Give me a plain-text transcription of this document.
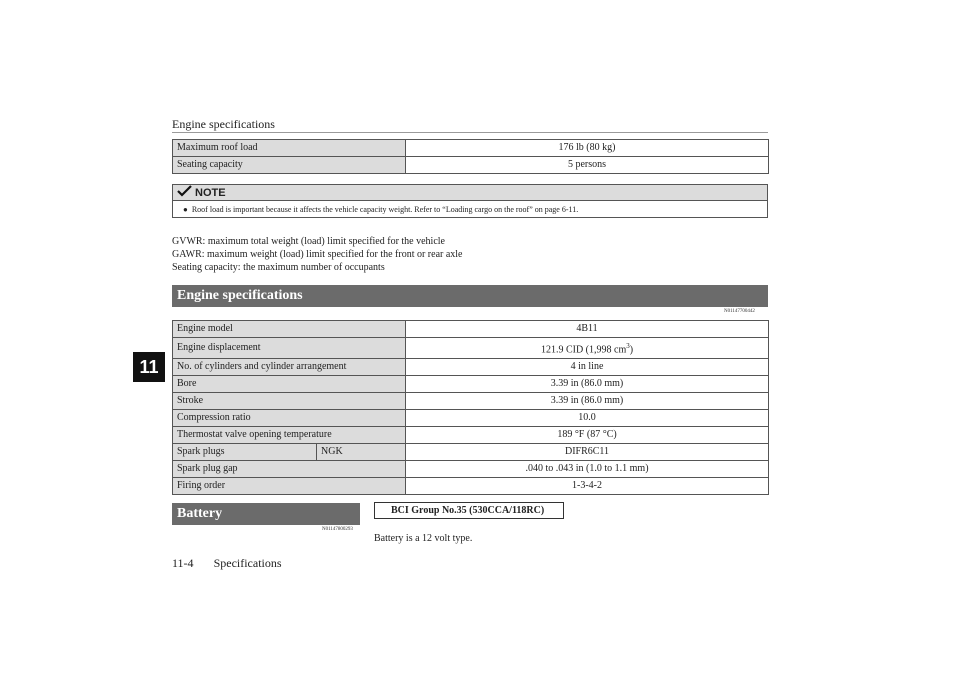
Engine specifications
11
Maximum roof load	176 lb (80 kg)
Seating capacity	5 persons
NOTE
● Roof load is important because it affects the vehicle capacity weight. Refer to “Loading cargo on the roof” on page 6-11.
GVWR: maximum total weight (load) limit specified for the vehicle
GAWR: maximum weight (load) limit specified for the front or rear axle
Seating capacity: the maximum number of occupants
Engine specifications
N01147700442
Engine model		4B11
Engine displacement		121.9 CID (1,998 $cm^3$)
No. of cylinders and cylinder arrangement		4 in line
Bore		3.39 in (86.0 mm)
Stroke		3.39 in (86.0 mm)
Compression ratio		10.0
Thermostat valve opening temperature		189 °F (87 °C)
Spark plugs	NGK	DIFR6C11
Spark plug gap		.040 to .043 in (1.0 to 1.1 mm)
Firing order		1-3-4-2
Battery
N01147800293
BCI Group No.35 (530CCA/118RC)
Battery is a 12 volt type.
11-4 Specifications
